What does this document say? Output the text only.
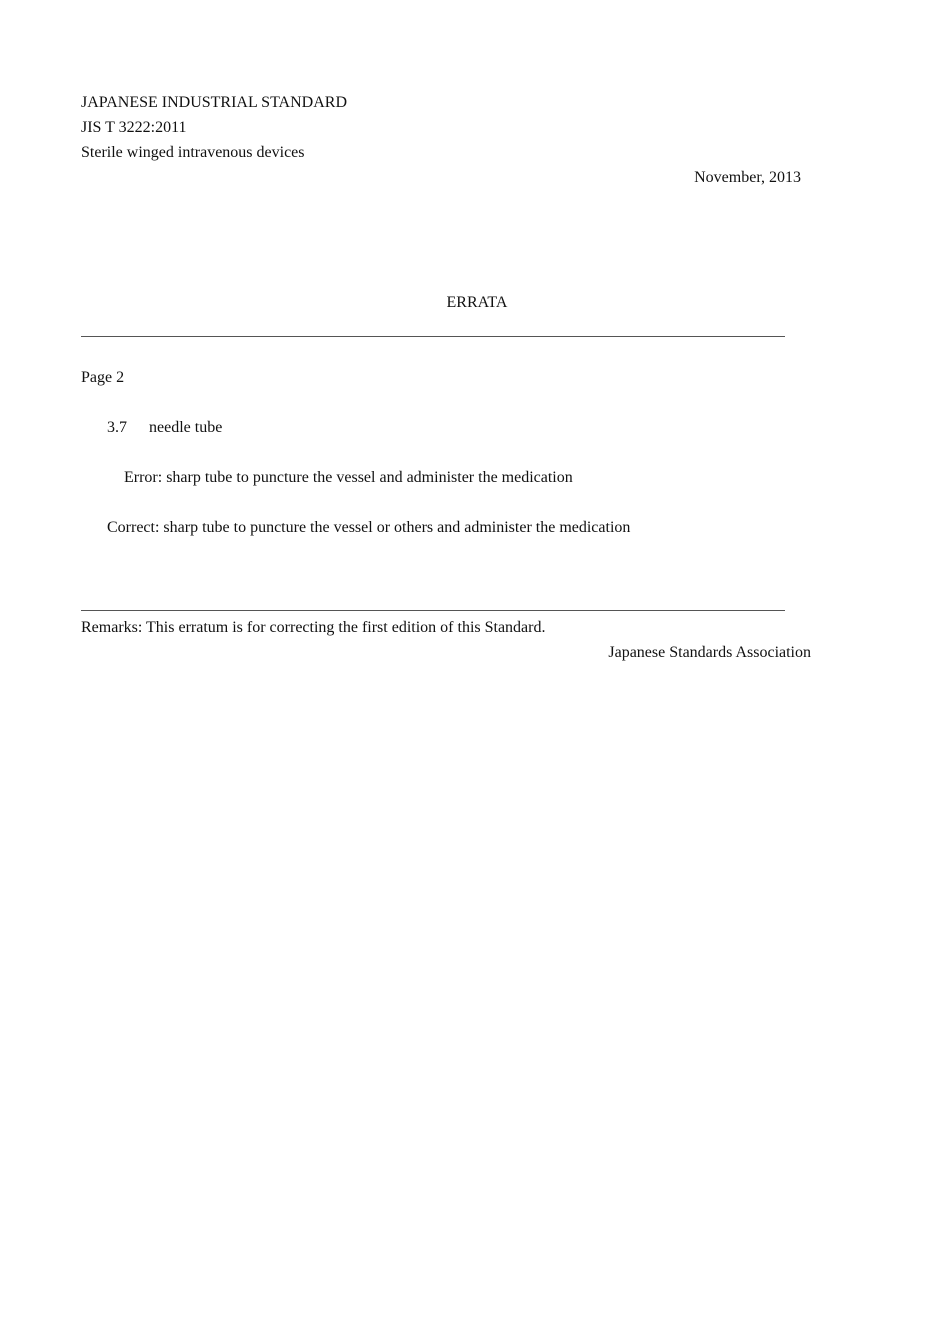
JAPANESE INDUSTRIAL STANDARD
JIS T 3222:2011
Sterile winged intravenous devices
November, 2013
ERRATA
Page 2
3.7 needle tube
Error: sharp tube to puncture the vessel and administer the medication
Correct: sharp tube to puncture the vessel or others and administer the medication
Remarks: This erratum is for correcting the first edition of this Standard.
Japanese Standards Association
